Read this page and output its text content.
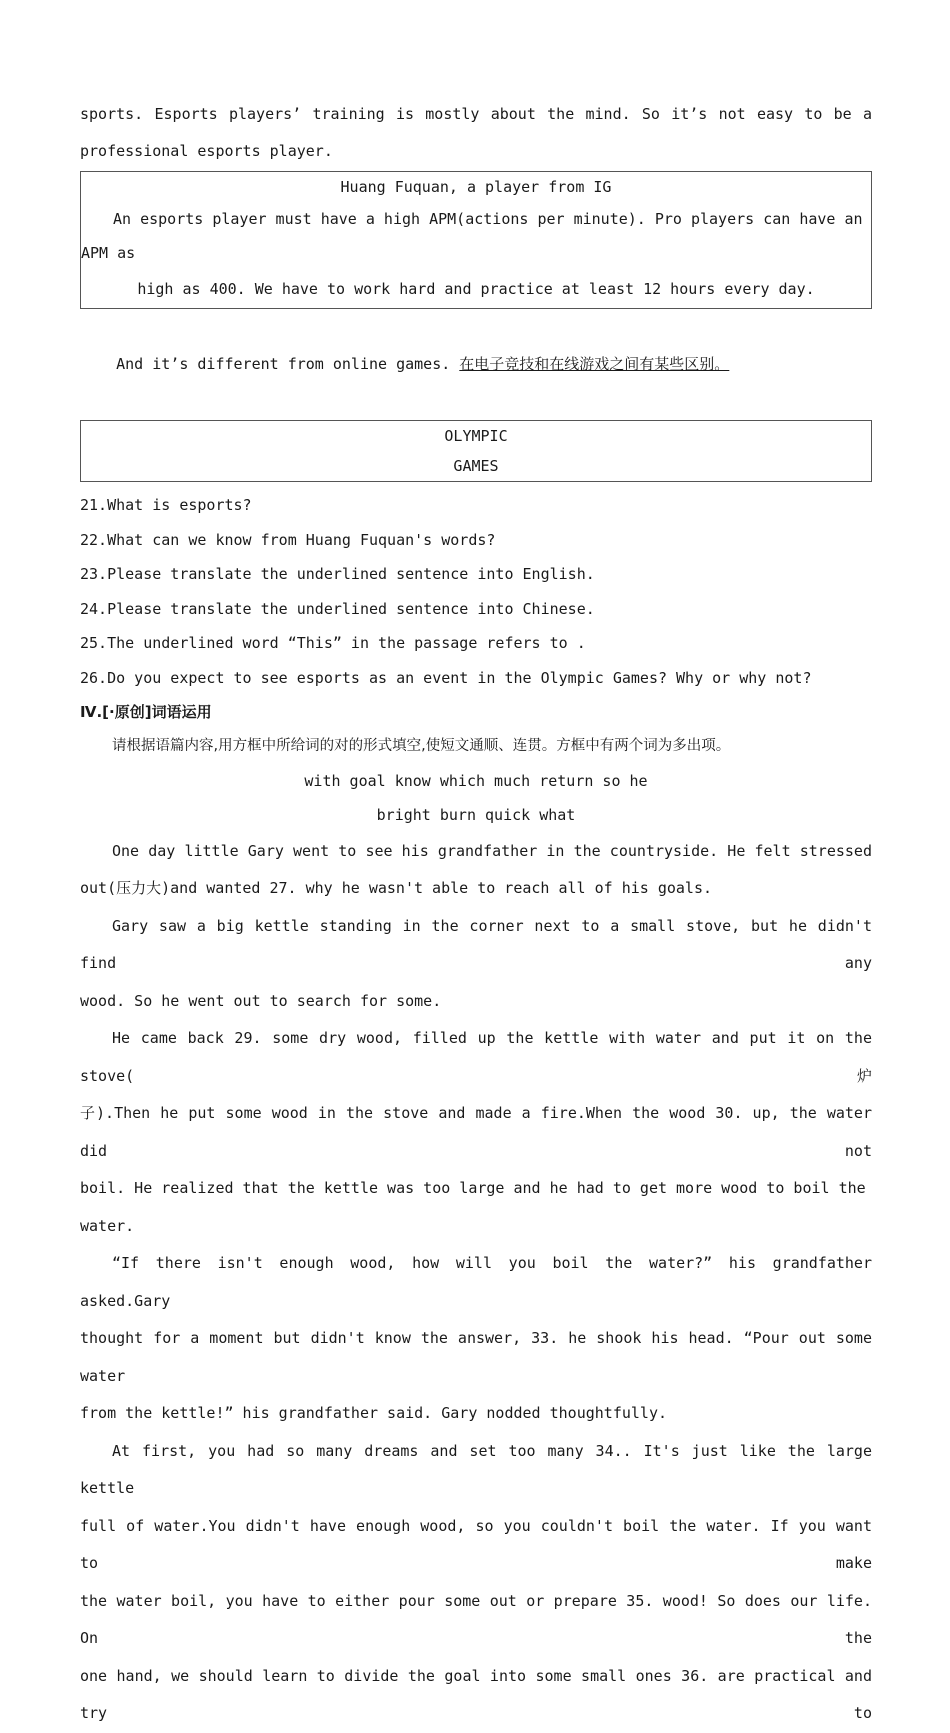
sports. Esports players’ training is mostly about the mind. So it’s not easy to be a

professional esports player.

Huang Fuquan, a player from IG

An esports player must have a high APM(actions per minute). Pro players can have an APM as

high as 400. We have to work hard and practice at least 12 hours every day.

And it’s different from online games. 在电子竞技和在线游戏之间有某些区别。

OLYMPIC

GAMES

21.What is esports?

22.What can we know from Huang Fuquan's words?

23.Please translate the underlined sentence into English.

24.Please translate the underlined sentence into Chinese.

25.The underlined word “This” in the passage refers to .

26.Do you expect to see esports as an event in the Olympic Games? Why or why not?

Ⅳ.[·原创]词语运用

请根据语篇内容,用方框中所给词的对的形式填空,使短文通顺、连贯。方框中有两个词为多出项。

with goal know which much return so he

bright burn quick what

One day little Gary went to see his grandfather in the countryside. He felt stressed

out(压力大)and wanted 27. why he wasn't able to reach all of his goals.

Gary saw a big kettle standing in the corner next to a small stove, but he didn't find any

wood. So he went out to search for some.

He came back 29. some dry wood, filled up the kettle with water and put it on the stove(炉

子).Then he put some wood in the stove and made a fire.When the wood 30. up, the water did not

boil. He realized that the kettle was too large and he had to get more wood to boil the water.

“If there isn't enough wood, how will you boil the water?” his grandfather asked.Gary

thought for a moment but didn't know the answer, 33. he shook his head. “Pour out some water

from the kettle!” his grandfather said. Gary nodded thoughtfully.

At first, you had so many dreams and set too many 34.. It's just like the large kettle

full of water.You didn't have enough wood, so you couldn't boil the water. If you want to make

the water boil, you have to either pour some out or prepare 35. wood! So does our life. On the

one hand, we should learn to divide the goal into some small ones 36. are practical and try to
